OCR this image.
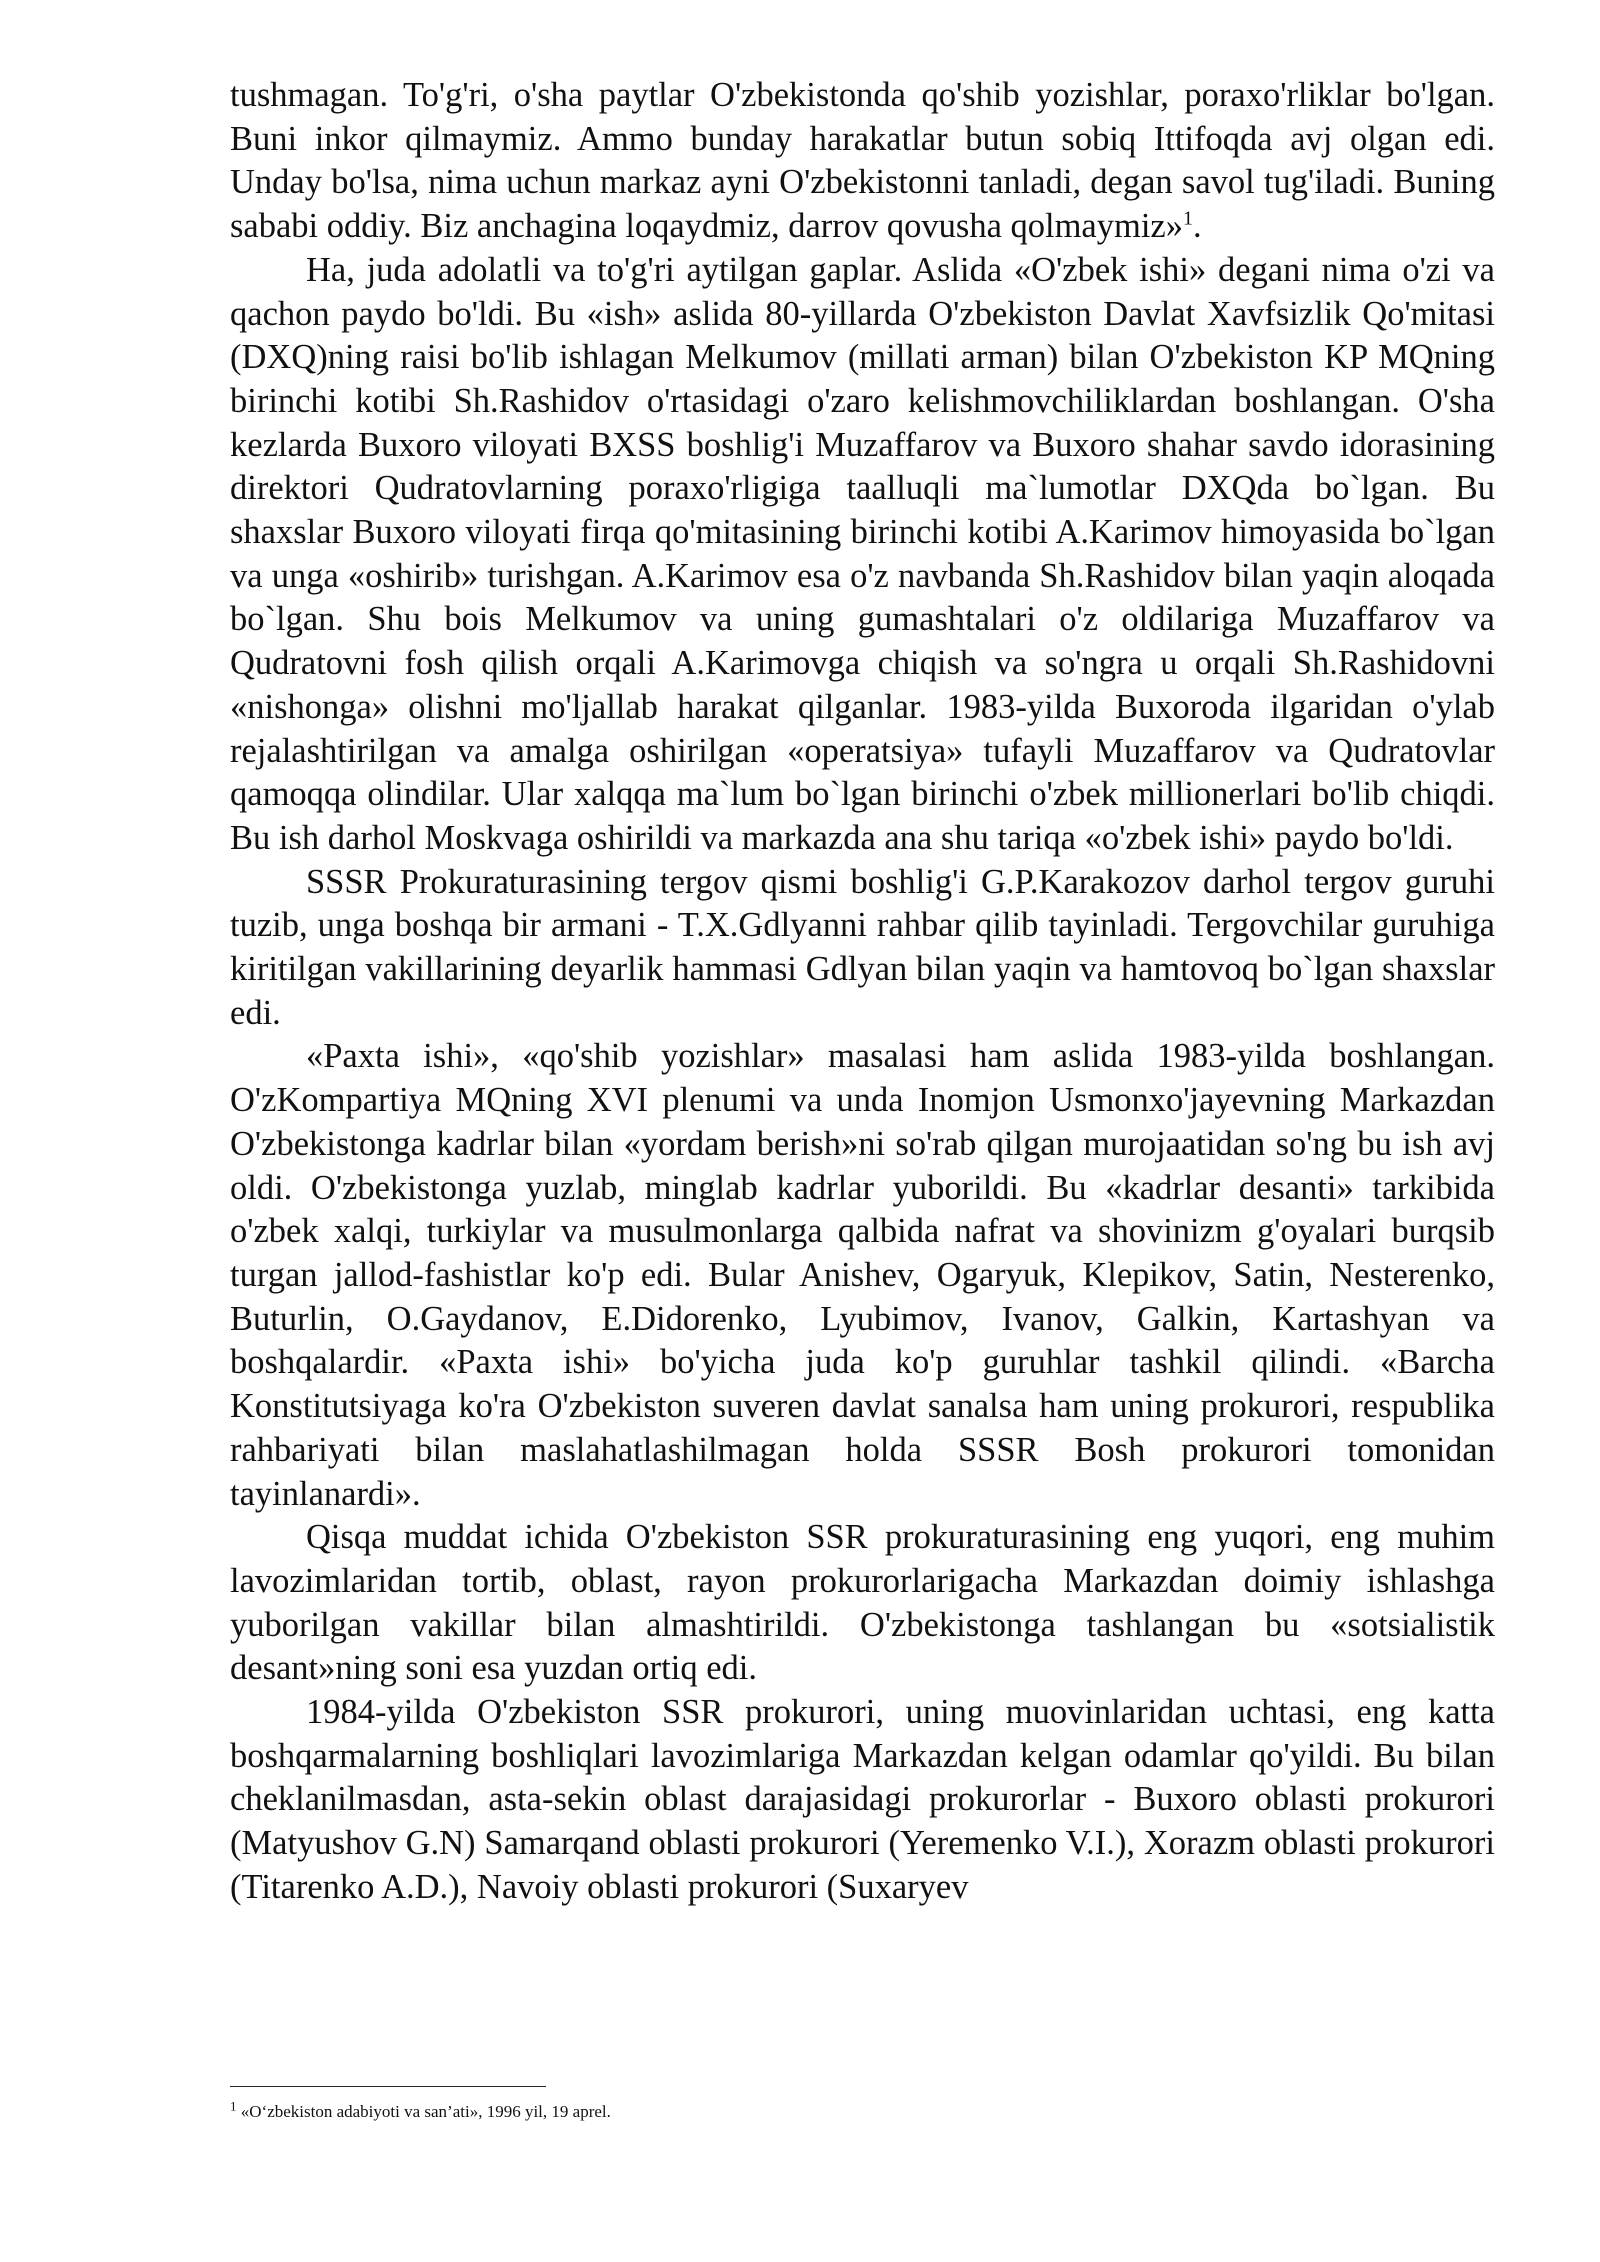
tushmagan. To'g'ri, o'sha paytlar O'zbekistonda qo'shib yozishlar, poraxo'rliklar bo'lgan. Buni inkor qilmaymiz. Ammo bunday harakatlar butun sobiq Ittifoqda avj olgan edi. Unday bo'lsa, nima uchun markaz ayni O'zbekistonni tanladi, degan savol tug'iladi. Buning sababi oddiy. Biz anchagina loqaydmiz, darrov qovusha qolmaymiz»$^1$.

Ha, juda adolatli va to'g'ri aytilgan gaplar. Aslida «O'zbek ishi» degani nima o'zi va qachon paydo bo'ldi. Bu «ish» aslida 80-yillarda O'zbekiston Davlat Xavfsizlik Qo'mitasi (DXQ)ning raisi bo'lib ishlagan Melkumov (millati arman) bilan O'zbekiston KP MQning birinchi kotibi Sh.Rashidov o'rtasidagi o'zaro kelishmovchiliklardan boshlangan. O'sha kezlarda Buxoro viloyati BXSS boshlig'i Muzaffarov va Buxoro shahar savdo idorasining direktori Qudratovlarning poraxo'rligiga taalluqli ma`lumotlar DXQda bo`lgan. Bu shaxslar Buxoro viloyati firqa qo'mitasining birinchi kotibi A.Karimov himoyasida bo`lgan va unga «oshirib» turishgan. A.Karimov esa o'z navbanda Sh.Rashidov bilan yaqin aloqada bo`lgan. Shu bois Melkumov va uning gumashtalari o'z oldilariga Muzaffarov va Qudratovni fosh qilish orqali A.Karimovga chiqish va so'ngra u orqali Sh.Rashidovni «nishonga» olishni mo'ljallab harakat qilganlar. 1983-yilda Buxoroda ilgaridan o'ylab rejalashtirilgan va amalga oshirilgan «operatsiya» tufayli Muzaffarov va Qudratovlar qamoqqa olindilar. Ular xalqqa ma`lum bo`lgan birinchi o'zbek millionerlari bo'lib chiqdi. Bu ish darhol Moskvaga oshirildi va markazda ana shu tariqa «o'zbek ishi» paydo bo'ldi.

SSSR Prokuraturasining tergov qismi boshlig'i G.P.Karakozov darhol tergov guruhi tuzib, unga boshqa bir armani - T.X.Gdlyanni rahbar qilib tayinladi. Tergovchilar guruhiga kiritilgan vakillarining deyarlik hammasi Gdlyan bilan yaqin va hamtovoq bo`lgan shaxslar edi.

«Paxta ishi», «qo'shib yozishlar» masalasi ham aslida 1983-yilda boshlangan. O'zKompartiya MQning XVI plenumi va unda Inomjon Usmonxo'jayevning Markazdan O'zbekistonga kadrlar bilan «yordam berish»ni so'rab qilgan murojaatidan so'ng bu ish avj oldi. O'zbekistonga yuzlab, minglab kadrlar yuborildi. Bu «kadrlar desanti» tarkibida o'zbek xalqi, turkiylar va musulmonlarga qalbida nafrat va shovinizm g'oyalari burqsib turgan jallod-fashistlar ko'p edi. Bular Anishev, Ogaryuk, Klepikov, Satin, Nesterenko, Buturlin, O.Gaydanov, E.Didorenko, Lyubimov, Ivanov, Galkin, Kartashyan va boshqalardir. «Paxta ishi» bo'yicha juda ko'p guruhlar tashkil qilindi. «Barcha Konstitutsiyaga ko'ra O'zbekiston suveren davlat sanalsa ham uning prokurori, respublika rahbariyati bilan maslahatlashilmagan holda SSSR Bosh prokurori tomonidan tayinlanardi».

Qisqa muddat ichida O'zbekiston SSR prokuraturasining eng yuqori, eng muhim lavozimlaridan tortib, oblast, rayon prokurorlarigacha Markazdan doimiy ishlashga yuborilgan vakillar bilan almashtirildi. O'zbekistonga tashlangan bu «sotsialistik desant»ning soni esa yuzdan ortiq edi.

1984-yilda O'zbekiston SSR prokurori, uning muovinlaridan uchtasi, eng katta boshqarmalarning boshliqlari lavozimlariga Markazdan kelgan odamlar qo'yildi. Bu bilan cheklanilmasdan, asta-sekin oblast darajasidagi prokurorlar - Buxoro oblasti prokurori (Matyushov G.N) Samarqand oblasti prokurori (Yeremenko V.I.), Xorazm oblasti prokurori (Titarenko A.D.), Navoiy oblasti prokurori (Suxaryev

$^1$ «O‘zbekiston adabiyoti va san’ati», 1996 yil, 19 aprel.
